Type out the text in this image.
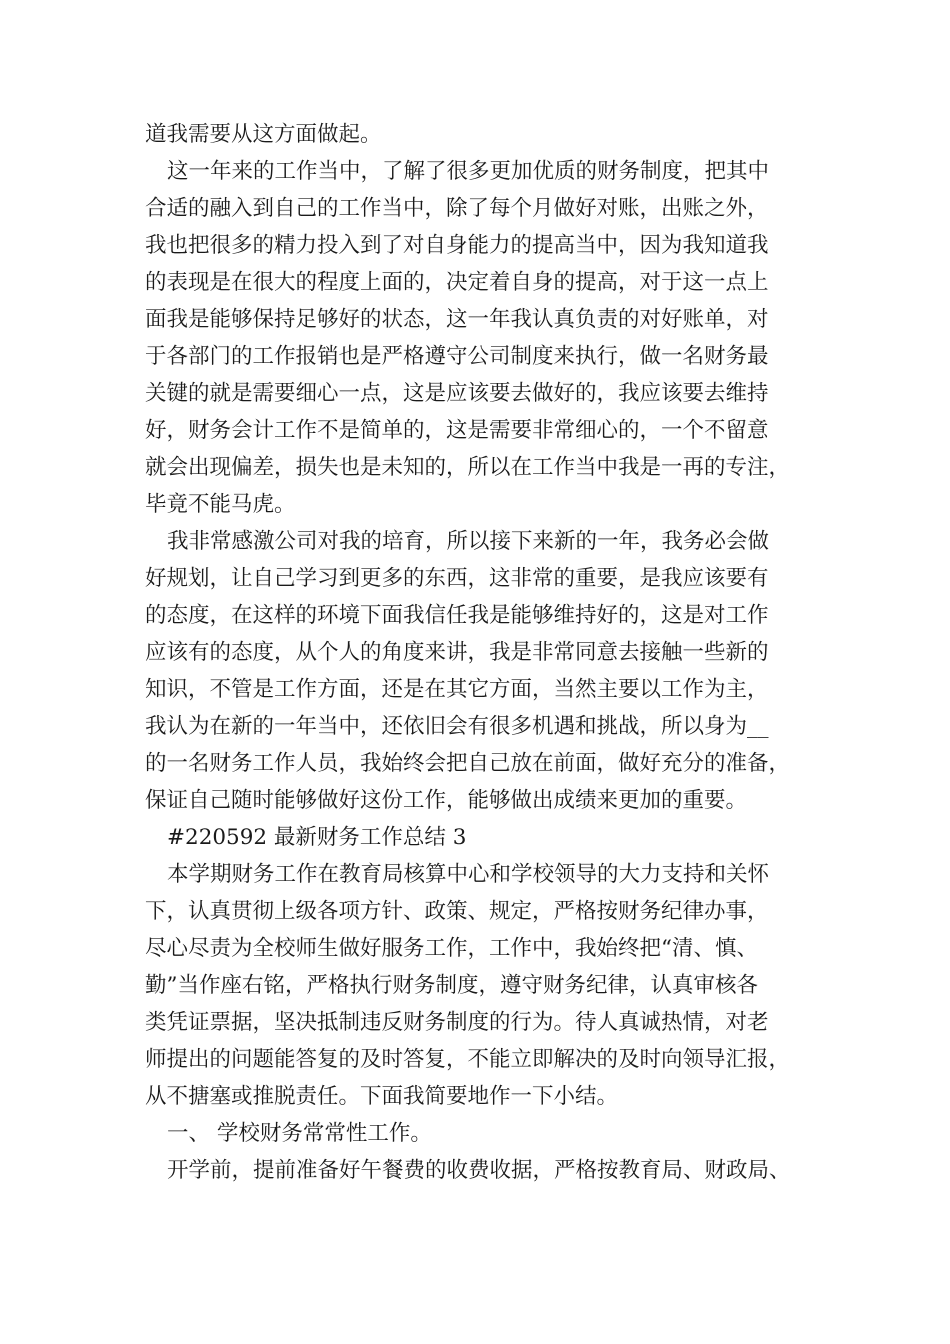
道我需要从这方面做起。
这一年来的工作当中，了解了很多更加优质的财务制度，把其中
合适的融入到自己的工作当中，除了每个月做好对账，出账之外，
我也把很多的精力投入到了对自身能力的提高当中，因为我知道我
的表现是在很大的程度上面的，决定着自身的提高，对于这一点上
面我是能够保持足够好的状态，这一年我认真负责的对好账单，对
于各部门的工作报销也是严格遵守公司制度来执行，做一名财务最
关键的就是需要细心一点，这是应该要去做好的，我应该要去维持
好，财务会计工作不是简单的，这是需要非常细心的，一个不留意
就会出现偏差，损失也是未知的，所以在工作当中我是一再的专注，
毕竟不能马虎。
我非常感激公司对我的培育，所以接下来新的一年，我务必会做
好规划，让自己学习到更多的东西，这非常的重要，是我应该要有
的态度，在这样的环境下面我信任我是能够维持好的，这是对工作
应该有的态度，从个人的角度来讲，我是非常同意去接触一些新的
知识，不管是工作方面，还是在其它方面，当然主要以工作为主，
我认为在新的一年当中，还依旧会有很多机遇和挑战，所以身为__
的一名财务工作人员，我始终会把自己放在前面，做好充分的准备，
保证自己随时能够做好这份工作，能够做出成绩来更加的重要。
#220592 最新财务工作总结 3
本学期财务工作在教育局核算中心和学校领导的大力支持和关怀
下，认真贯彻上级各项方针、政策、规定，严格按财务纪律办事，
尽心尽责为全校师生做好服务工作，工作中，我始终把“清、慎、
勤”当作座右铭，严格执行财务制度，遵守财务纪律，认真审核各
类凭证票据，坚决抵制违反财务制度的行为。待人真诚热情，对老
师提出的问题能答复的及时答复，不能立即解决的及时向领导汇报，
从不搪塞或推脱责任。下面我简要地作一下小结。
一、 学校财务常常性工作。
开学前，提前准备好午餐费的收费收据，严格按教育局、财政局、
